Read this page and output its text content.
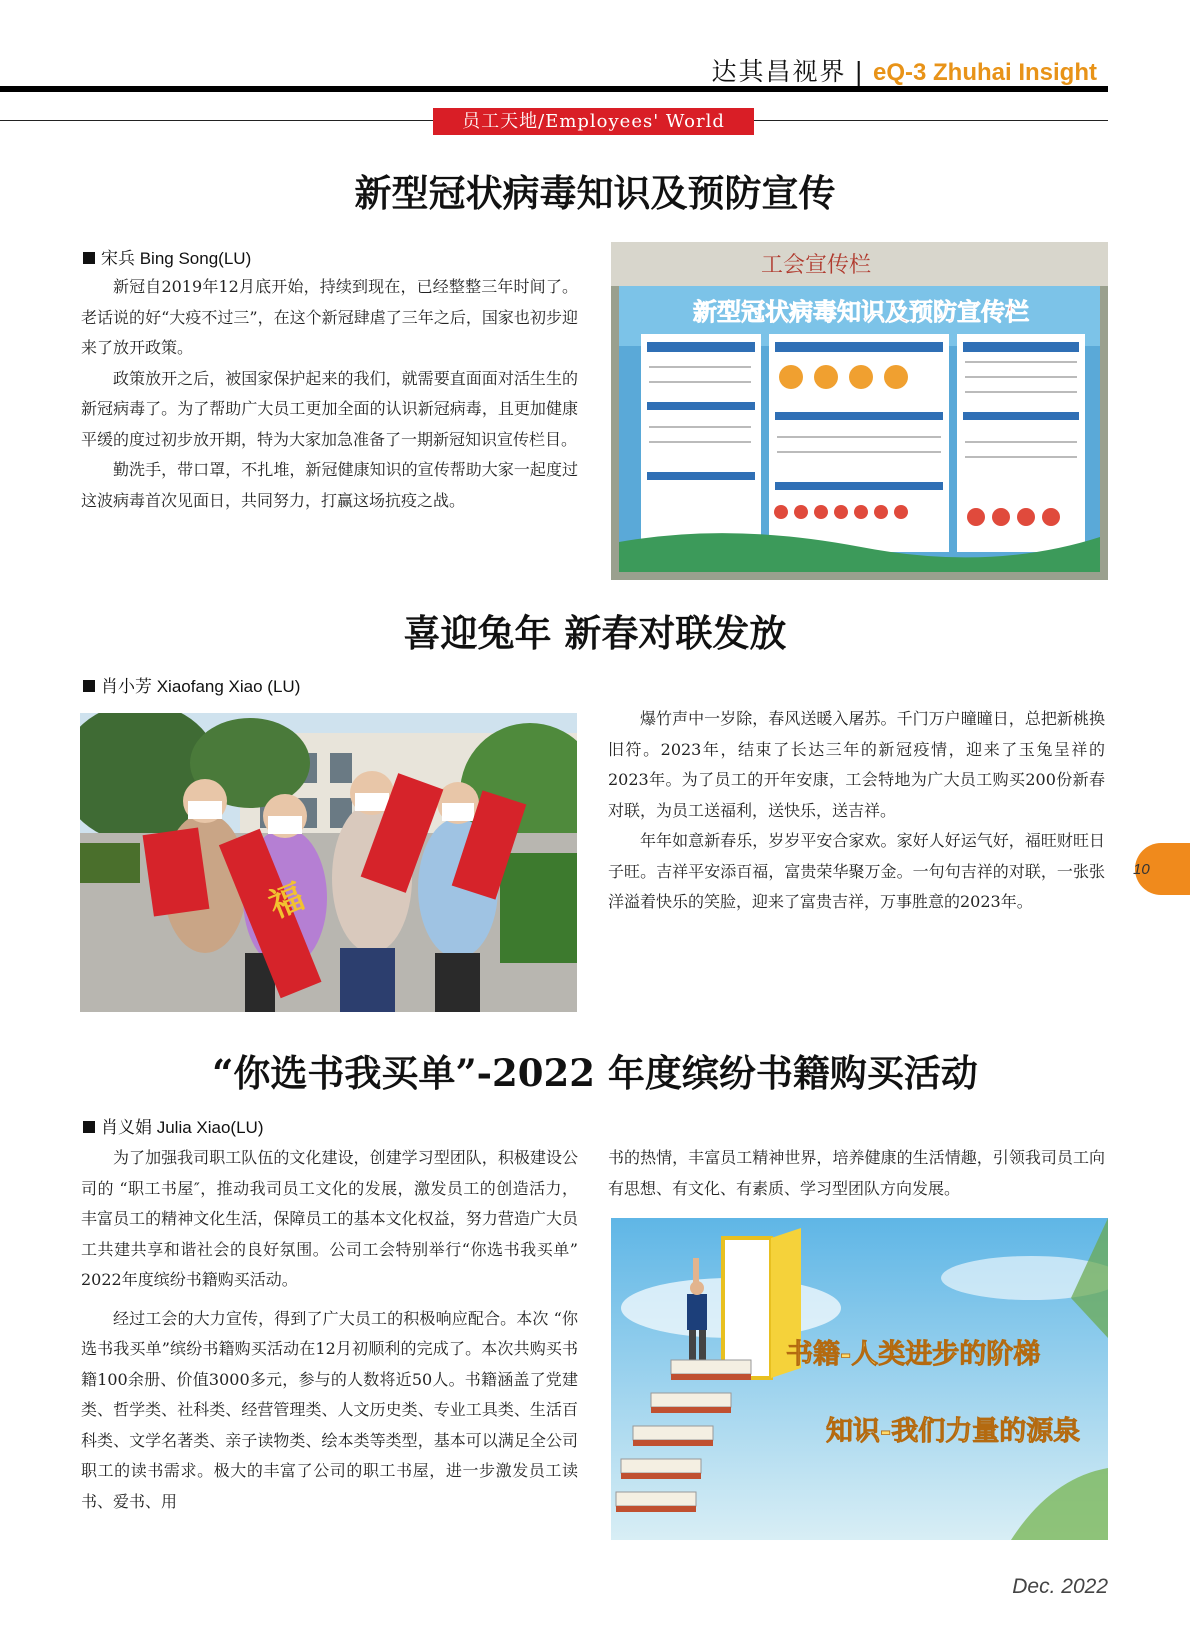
达其昌视界 | eQ-3 Zhuhai Insight
员工天地/Employees' World
新型冠状病毒知识及预防宣传
宋兵 Bing Song(LU)

新冠自2019年12月底开始，持续到现在，已经整整三年时间了。老话说的好“大疫不过三”，在这个新冠肆虐了三年之后，国家也初步迎来了放开政策。

政策放开之后，被国家保护起来的我们，就需要直面面对活生生的新冠病毒了。为了帮助广大员工更加全面的认识新冠病毒，且更加健康平缓的度过初步放开期，特为大家加急准备了一期新冠知识宣传栏目。

勤洗手，带口罩，不扎堆，新冠健康知识的宣传帮助大家一起度过这波病毒首次见面日，共同努力，打赢这场抗疫之战。

工会宣传栏
新型冠状病毒知识及预防宣传栏
喜迎兔年 新春对联发放
肖小芳 Xiaofang Xiao (LU)
福

爆竹声中一岁除，春风送暖入屠苏。千门万户曈曈日，总把新桃换旧符。2023年，结束了长达三年的新冠疫情，迎来了玉兔呈祥的2023年。为了员工的开年安康，工会特地为广大员工购买200份新春对联，为员工送福利，送快乐，送吉祥。

年年如意新春乐，岁岁平安合家欢。家好人好运气好，福旺财旺日子旺。吉祥平安添百福，富贵荣华聚万金。一句句吉祥的对联，一张张洋溢着快乐的笑脸，迎来了富贵吉祥，万事胜意的2023年。

“你选书我买单”-2022 年度缤纷书籍购买活动
肖义娟 Julia Xiao(LU)

为了加强我司职工队伍的文化建设，创建学习型团队，积极建设公司的 “职工书屋″，推动我司员工文化的发展，激发员工的创造活力，丰富员工的精神文化生活，保障员工的基本文化权益，努力营造广大员工共建共享和谐社会的良好氛围。公司工会特别举行“你选书我买单” 2022年度缤纷书籍购买活动。

经过工会的大力宣传，得到了广大员工的积极响应配合。本次 “你选书我买单”缤纷书籍购买活动在12月初顺利的完成了。本次共购买书籍100余册、价值3000多元，参与的人数将近50人。书籍涵盖了党建类、哲学类、社科类、经营管理类、人文历史类、专业工具类、生活百科类、文学名著类、亲子读物类、绘本类等类型，基本可以满足全公司职工的读书需求。极大的丰富了公司的职工书屋，进一步激发员工读书、爱书、用

书的热情，丰富员工精神世界，培养健康的生活情趣，引领我司员工向有思想、有文化、有素质、学习型团队方向发展。

书籍-人类进步的阶梯
知识-我们力量的源泉
10
Dec. 2022
